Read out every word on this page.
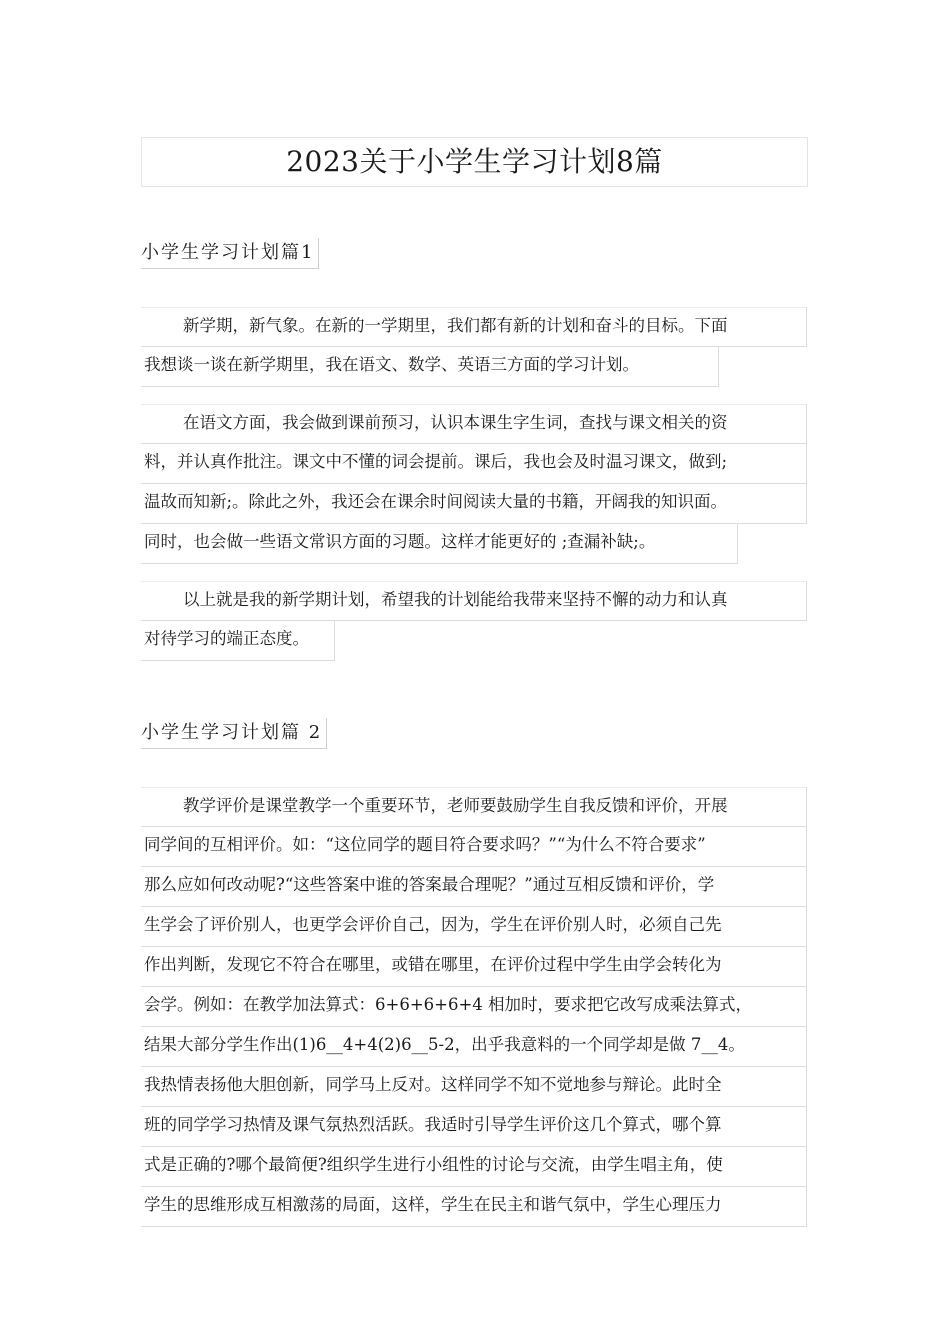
2023关于小学生学习计划8篇
小学生学习计划篇1
新学期，新气象。在新的一学期里，我们都有新的计划和奋斗的目标。下面
我想谈一谈在新学期里，我在语文、数学、英语三方面的学习计划。
在语文方面，我会做到课前预习，认识本课生字生词，查找与课文相关的资
料，并认真作批注。课文中不懂的词会提前。课后，我也会及时温习课文，做到;
温故而知新;。除此之外，我还会在课余时间阅读大量的书籍，开阔我的知识面。
同时，也会做一些语文常识方面的习题。这样才能更好的 ;查漏补缺;。
以上就是我的新学期计划，希望我的计划能给我带来坚持不懈的动力和认真
对待学习的端正态度。
小学生学习计划篇 2
教学评价是课堂教学一个重要环节，老师要鼓励学生自我反馈和评价，开展
同学间的互相评价。如：“这位同学的题目符合要求吗？”“为什么不符合要求”
那么应如何改动呢?“这些答案中谁的答案最合理呢？”通过互相反馈和评价，学
生学会了评价别人，也更学会评价自己，因为，学生在评价别人时，必须自己先
作出判断，发现它不符合在哪里，或错在哪里，在评价过程中学生由学会转化为
会学。例如：在教学加法算式：6+6+6+6+4 相加时，要求把它改写成乘法算式，
结果大部分学生作出(1)6__4+4(2)6__5-2，出乎我意料的一个同学却是做 7__4。
我热情表扬他大胆创新，同学马上反对。这样同学不知不觉地参与辩论。此时全
班的同学学习热情及课气氛热烈活跃。我适时引导学生评价这几个算式，哪个算
式是正确的?哪个最简便?组织学生进行小组性的讨论与交流，由学生唱主角，使
学生的思维形成互相激荡的局面，这样，学生在民主和谐气氛中，学生心理压力
